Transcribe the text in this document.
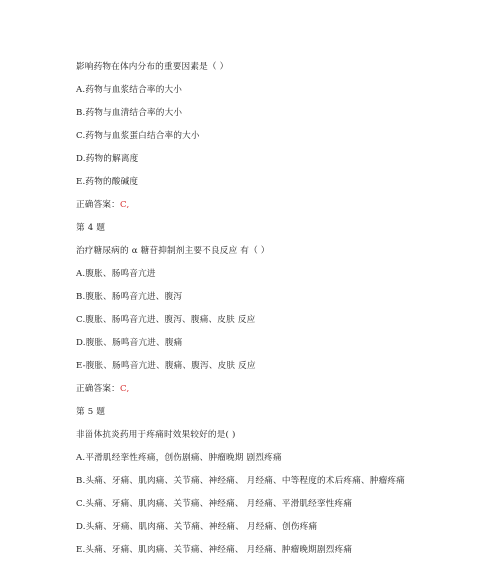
影响药物在体内分布的重要因素是（ ）
A.药物与血浆结合率的大小
B.药物与血清结合率的大小
C.药物与血浆蛋白结合率的大小
D.药物的解离度
E.药物的酸碱度
正确答案：C,
第 4 题
治疗糖尿病的 α 糖苷抑制剂主要不良反应 有（ ）
A.腹胀、肠鸣音亢进
B.腹胀、肠鸣音亢进、腹泻
C.腹胀、肠鸣音亢进、腹泻、腹痛、皮肤 反应
D.腹胀、肠鸣音亢进、腹痛
E-腹胀、肠鸣音亢进、腹痛、腹泻、皮肤 反应
正确答案：C,
第 5 题
非甾体抗炎药用于疼痛时效果较好的是( )
A.平滑肌经挛性疼痛，创伤剧痛、肿瘤晚期 剧烈疼痛
B.头痛、牙痛、肌肉痛、关节痛、神经痛、 月经痛、中等程度的术后疼痛、肿瘤疼痛
C.头痛、牙痛、肌肉痛、关节痛、神经痛、 月经痛、平滑肌经挛性疼痛
D.头痛、牙痛、肌肉痛、关节痛、神经痛、 月经痛、创伤疼痛
E.头痛、牙痛、肌肉痛、关节痛、神经痛、 月经痛、肿瘤晚期剧烈疼痛
